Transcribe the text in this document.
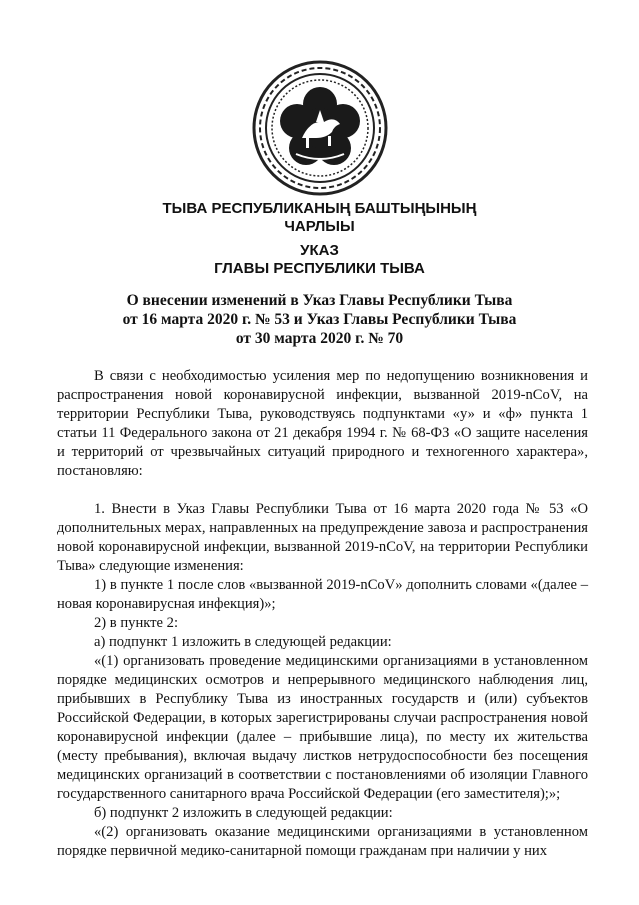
ТЫВА РЕСПУБЛИКАНЫҢ БАШТЫҢЫНЫҢ
ЧАРЛЫЫ
УКАЗ
ГЛАВЫ РЕСПУБЛИКИ ТЫВА
О внесении изменений в Указ Главы Республики Тыва
от 16 марта 2020 г. № 53 и Указ Главы Республики Тыва
от 30 марта 2020 г. № 70

В связи с необходимостью усиления мер по недопущению возникновения и распространения новой коронавирусной инфекции, вызванной 2019-nCoV, на территории Республики Тыва, руководствуясь подпунктами «у» и «ф» пункта 1 статьи 11 Федерального закона от 21 декабря 1994 г. № 68-ФЗ «О защите населения и территорий от чрезвычайных ситуаций природного и техногенного характера», постановляю:

1. Внести в Указ Главы Республики Тыва от 16 марта 2020 года № 53 «О дополнительных мерах, направленных на предупреждение завоза и распространения новой коронавирусной инфекции, вызванной 2019-nCoV, на территории Республики Тыва» следующие изменения:

1) в пункте 1 после слов «вызванной 2019-nCoV» дополнить словами «(далее – новая коронавирусная инфекция)»;

2) в пункте 2:

а) подпункт 1 изложить в следующей редакции:

«(1) организовать проведение медицинскими организациями в установленном порядке медицинских осмотров и непрерывного медицинского наблюдения лиц, прибывших в Республику Тыва из иностранных государств и (или) субъектов Российской Федерации, в которых зарегистрированы случаи распространения новой коронавирусной инфекции (далее – прибывшие лица), по месту их жительства (месту пребывания), включая выдачу листков нетрудоспособности без посещения медицинских организаций в соответствии с постановлениями об изоляции Главного государственного санитарного врача Российской Федерации (его заместителя);»;

б) подпункт 2 изложить в следующей редакции:

«(2) организовать оказание медицинскими организациями в установленном порядке первичной медико-санитарной помощи гражданам при наличии у них
